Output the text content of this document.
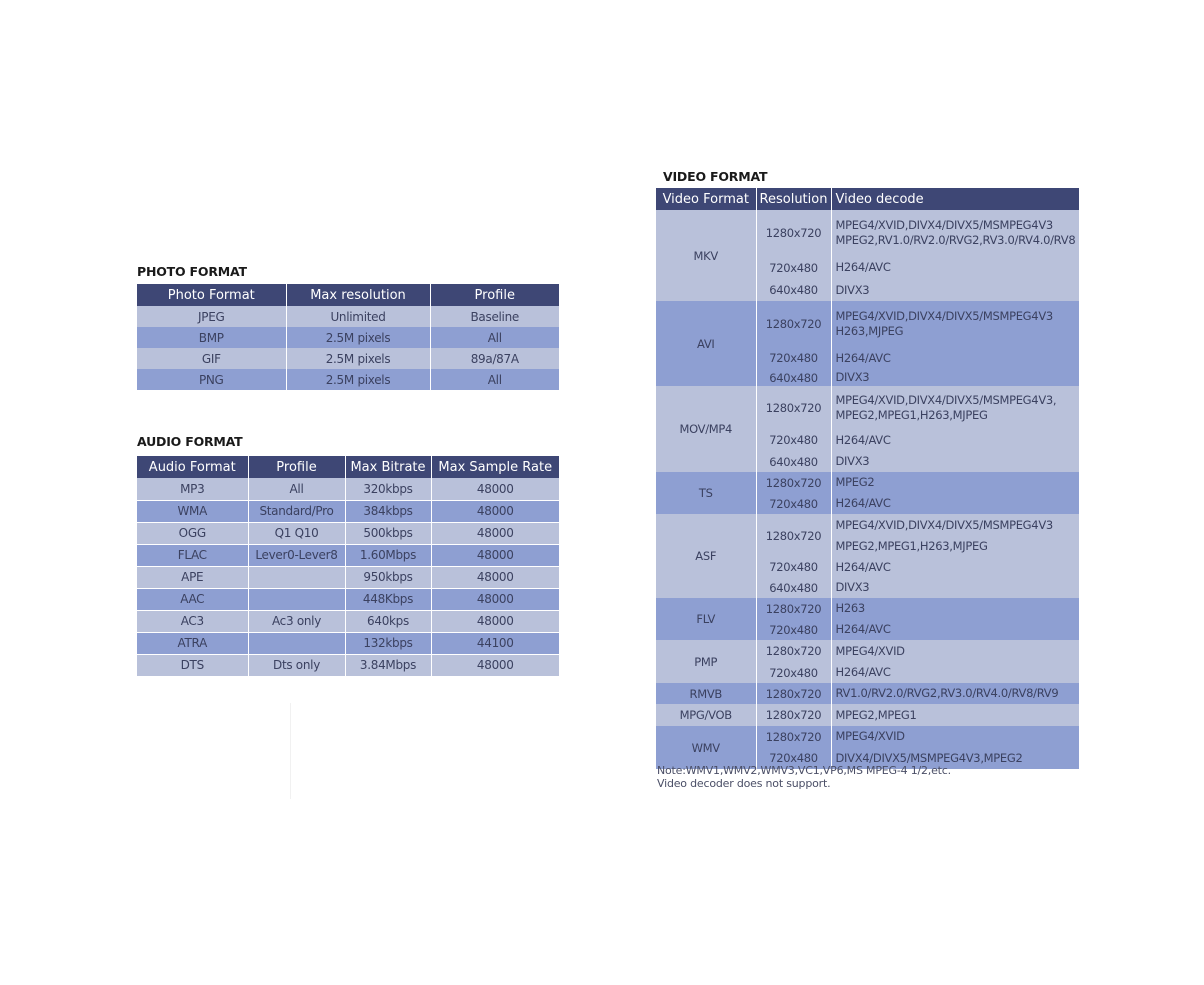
PHOTO FORMAT
Photo Format	Max resolution	Profile
JPEG	Unlimited	Baseline
BMP	2.5M pixels	All
GIF	2.5M pixels	89a/87A
PNG	2.5M pixels	All
AUDIO FORMAT
Audio Format	Profile	Max Bitrate	Max Sample Rate
MP3	All	320kbps	48000
WMA	Standard/Pro	384kbps	48000
OGG	Q1 Q10	500kbps	48000
FLAC	Lever0-Lever8	1.60Mbps	48000
APE		950kbps	48000
AAC		448Kbps	48000
AC3	Ac3 only	640kps	48000
ATRA		132kbps	44100
DTS	Dts only	3.84Mbps	48000
VIDEO FORMAT
Video Format	Resolution	Video decode
MKV	1280x720	MPEG4/XVID,DIVX4/DIVX5/MSMPEG4V3
MPEG2,RV1.0/RV2.0/RVG2,RV3.0/RV4.0/RV8

	720x480	H264/AVC

	640x480	DIVX3

AVI	1280x720	MPEG4/XVID,DIVX4/DIVX5/MSMPEG4V3
H263,MJPEG

	720x480	H264/AVC

	640x480	DIVX3

MOV/MP4	1280x720	MPEG4/XVID,DIVX4/DIVX5/MSMPEG4V3,
MPEG2,MPEG1,H263,MJPEG

	720x480	H264/AVC

	640x480	DIVX3

TS	1280x720	MPEG2

	720x480	H264/AVC

ASF	1280x720	MPEG4/XVID,DIVX4/DIVX5/MSMPEG4V3
MPEG2,MPEG1,H263,MJPEG

	720x480	H264/AVC

	640x480	DIVX3

FLV	1280x720	H263

	720x480	H264/AVC

PMP	1280x720	MPEG4/XVID

	720x480	H264/AVC

RMVB	1280x720	RV1.0/RV2.0/RVG2,RV3.0/RV4.0/RV8/RV9

MPG/VOB	1280x720	MPEG2,MPEG1

WMV	1280x720	MPEG4/XVID

	720x480	DIVX4/DIVX5/MSMPEG4V3,MPEG2
Note:WMV1,WMV2,WMV3,VC1,VP6,MS MPEG-4 1/2,etc.
Video decoder does not support.
